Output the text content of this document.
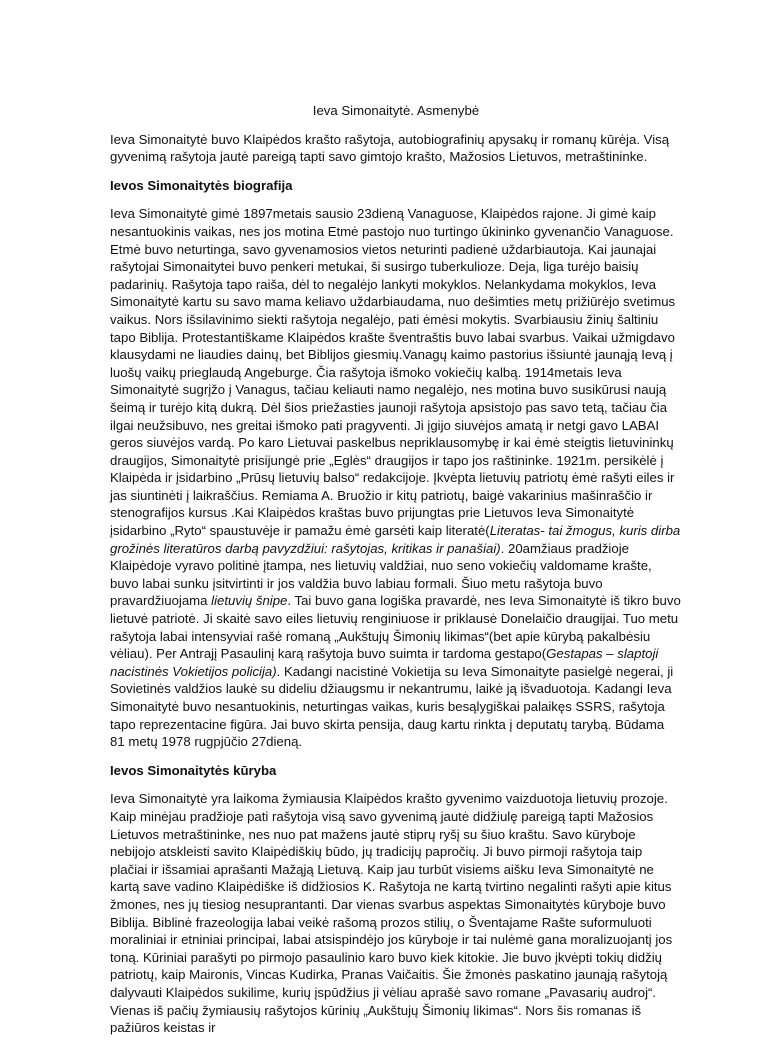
Ieva Simonaitytė. Asmenybė

Ieva Simonaitytė buvo Klaipėdos krašto rašytoja, autobiografinių apysakų ir romanų kūrėja. Visą gyvenimą rašytoja jautė pareigą tapti savo gimtojo krašto, Mažosios Lietuvos, metraštininke.

Ievos Simonaitytės biografija

Ieva Simonaitytė gimė 1897metais sausio 23dieną Vanaguose, Klaipėdos rajone. Ji gimė kaip nesantuokinis vaikas, nes jos motina Etmė pastojo nuo turtingo ūkininko gyvenančio Vanaguose. Etmė buvo neturtinga, savo gyvenamosios vietos neturinti padienė uždarbiautoja. Kai jaunajai rašytojai Simonaitytei buvo penkeri metukai, ši susirgo tuberkulioze. Deja, liga turėjo baisių padarinių. Rašytoja tapo raiša, dėl to negalėjo lankyti mokyklos. Nelankydama mokyklos, Ieva Simonaitytė kartu su savo mama keliavo uždarbiaudama, nuo dešimties metų prižiūrėjo svetimus vaikus. Nors išsilavinimo siekti rašytoja negalėjo, pati ėmėsi mokytis. Svarbiausiu žinių šaltiniu tapo Biblija. Protestantiškame Klaipėdos krašte šventraštis buvo labai svarbus. Vaikai užmigdavo klausydami ne liaudies dainų, bet Biblijos giesmių.Vanagų kaimo pastorius išsiuntė jaunąją Ievą į luošų vaikų prieglaudą Angeburge. Čia rašytoja išmoko vokiečių kalbą. 1914metais Ieva Simonaitytė sugrįžo į Vanagus, tačiau keliauti namo negalėjo, nes motina buvo susikūrusi naują šeimą ir turėjo kitą dukrą. Dėl šios priežasties jaunoji rašytoja apsistojo pas savo tetą, tačiau čia ilgai neužsibuvo, nes greitai išmoko pati pragyventi. Ji įgijo siuvėjos amatą ir netgi gavo LABAI geros siuvėjos vardą. Po karo Lietuvai paskelbus nepriklausomybę ir kai ėmė steigtis lietuvininkų draugijos, Simonaitytė prisijungė prie „Eglės“ draugijos ir tapo jos raštininke. 1921m. persikėlė į Klaipėda ir įsidarbino „Prūsų lietuvių balso“ redakcijoje. Įkvėpta lietuvių patriotų ėmė rašyti eiles ir jas siuntinėti į laikraščius. Remiama A. Bruožio ir kitų patriotų, baigė vakarinius mašinraščio ir stenografijos kursus .Kai Klaipėdos kraštas buvo prijungtas prie Lietuvos Ieva Simonaitytė įsidarbino „Ryto“ spaustuvėje ir pamažu ėmė garsėti kaip literatė(Literatas- tai žmogus, kuris dirba grožinės literatūros darbą pavyzdžiui: rašytojas, kritikas ir panašiai). 20amžiaus pradžioje Klaipėdoje vyravo politinė įtampa, nes lietuvių valdžiai, nuo seno vokiečių valdomame krašte, buvo labai sunku įsitvirtinti ir jos valdžia buvo labiau formali. Šiuo metu rašytoja buvo pravardžiuojama lietuvių šnipe. Tai buvo gana logiška pravardė, nes Ieva Simonaitytė iš tikro buvo lietuvė patriotė. Ji skaitė savo eiles lietuvių renginiuose ir priklausė Donelaičio draugijai. Tuo metu rašytoja labai intensyviai rašė romaną „Aukštujų Šimonių likimas“(bet apie kūrybą pakalbėsiu vėliau). Per Antrajį Pasaulinį karą rašytoja buvo suimta ir tardoma gestapo(Gestapas – slaptoji nacistinės Vokietijos policija). Kadangi nacistinė Vokietija su Ieva Simonaityte pasielgė negerai, ji Sovietinės valdžios laukė su dideliu džiaugsmu ir nekantrumu, laikė ją išvaduotoja. Kadangi Ieva Simonaitytė buvo nesantuokinis, neturtingas vaikas, kuris besąlygiškai palaikęs SSRS, rašytoja tapo reprezentacine figūra. Jai buvo skirta pensija, daug kartu rinkta į deputatų tarybą. Būdama 81 metų 1978 rugpjūčio 27dieną.

Ievos Simonaitytės kūryba

Ieva Simonaitytė yra laikoma žymiausia Klaipėdos krašto gyvenimo vaizduotoja lietuvių prozoje. Kaip minėjau pradžioje pati rašytoja visą savo gyvenimą jautė didžiulę pareigą tapti Mažosios Lietuvos metraštininke, nes nuo pat mažens jautė stiprų ryšį su šiuo kraštu. Savo kūryboje nebijojo atskleisti savito Klaipėdiškių būdo, jų tradicijų papročių. Ji buvo pirmoji rašytoja taip plačiai ir išsamiai aprašanti Mažąją Lietuvą. Kaip jau turbūt visiems aišku Ieva Simonaitytė ne kartą save vadino Klaipėdiške iš didžiosios K. Rašytoja ne kartą tvirtino negalinti rašyti apie kitus žmones, nes jų tiesiog nesuprantanti. Dar vienas svarbus aspektas Simonaitytės kūryboje buvo Biblija. Biblinė frazeologija labai veikė rašomą prozos stilių, o Šventajame Rašte suformuluoti moraliniai ir etniniai principai, labai atsispindėjo jos kūryboje ir tai nulėmė gana moralizuojantį jos toną. Kūriniai parašyti po pirmojo pasaulinio karo buvo kiek kitokie. Jie buvo įkvėpti tokių didžių patriotų, kaip Maironis, Vincas Kudirka, Pranas Vaičaitis. Šie žmonės paskatino jaunąją rašytoją dalyvauti Klaipėdos sukilime, kurių įspūdžius ji vėliau aprašė savo romane „Pavasarių audroj“. Vienas iš pačių žymiausių rašytojos kūrinių „Aukštujų Šimonių likimas“. Nors šis romanas iš pažiūros keistas ir
